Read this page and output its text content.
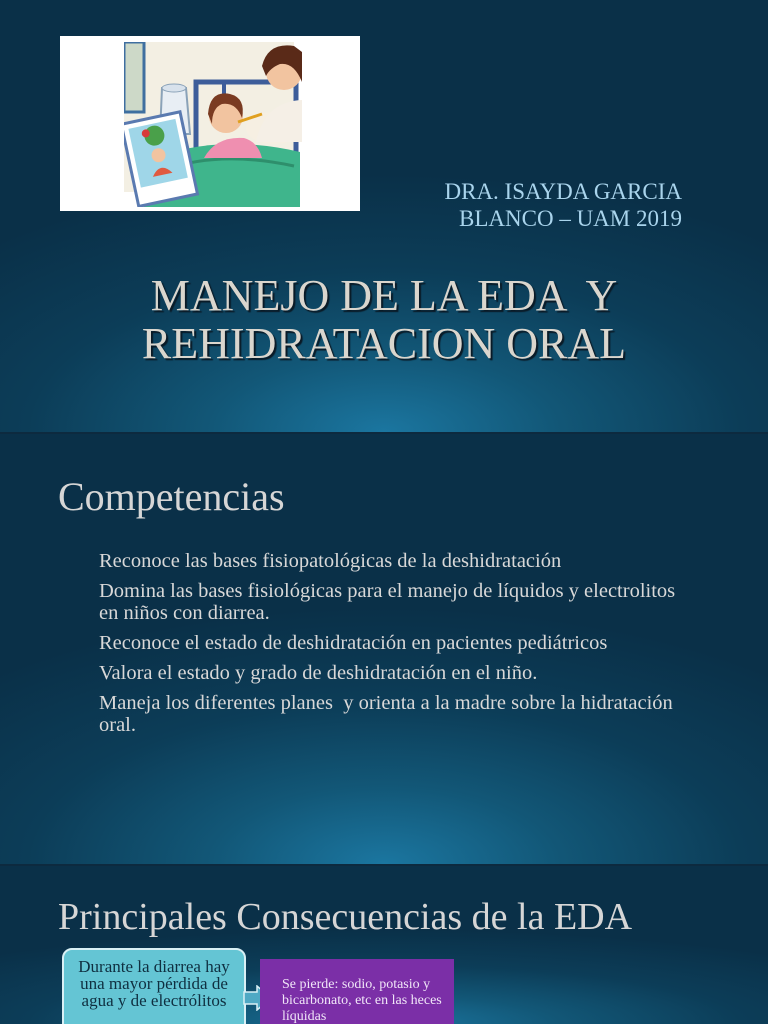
DRA. ISAYDA GARCIA
BLANCO – UAM 2019
MANEJO DE LA EDA  Y
REHIDRATACION ORAL
Competencias
Reconoce las bases fisiopatológicas de la deshidratación
Domina las bases fisiológicas para el manejo de líquidos y electrolitos en niños con diarrea.
Reconoce el estado de deshidratación en pacientes pediátricos
Valora el estado y grado de deshidratación en el niño.
Maneja los diferentes planes  y orienta a la madre sobre la hidratación oral.
Principales Consecuencias de la EDA
Durante la diarrea hay una mayor pérdida de agua y de electrólitos
Se pierde: sodio, potasio y bicarbonato, etc en las heces líquidas
